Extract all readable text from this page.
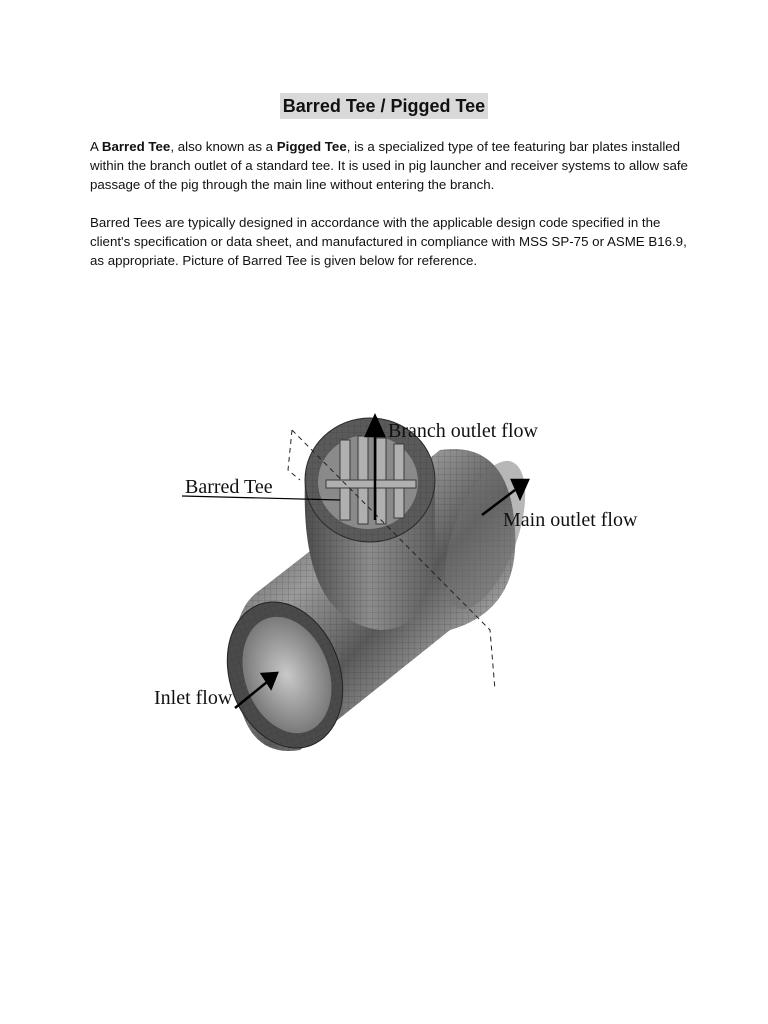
Barred Tee / Pigged Tee

A Barred Tee, also known as a Pigged Tee, is a specialized type of tee featuring bar plates installed within the branch outlet of a standard tee. It is used in pig launcher and receiver systems to allow safe passage of the pig through the main line without entering the branch.

Barred Tees are typically designed in accordance with the applicable design code specified in the client's specification or data sheet, and manufactured in compliance with MSS SP-75 or ASME B16.9, as appropriate. Picture of Barred Tee is given below for reference.

Branch outlet flow
Barred Tee
Main outlet flow
Inlet flow
